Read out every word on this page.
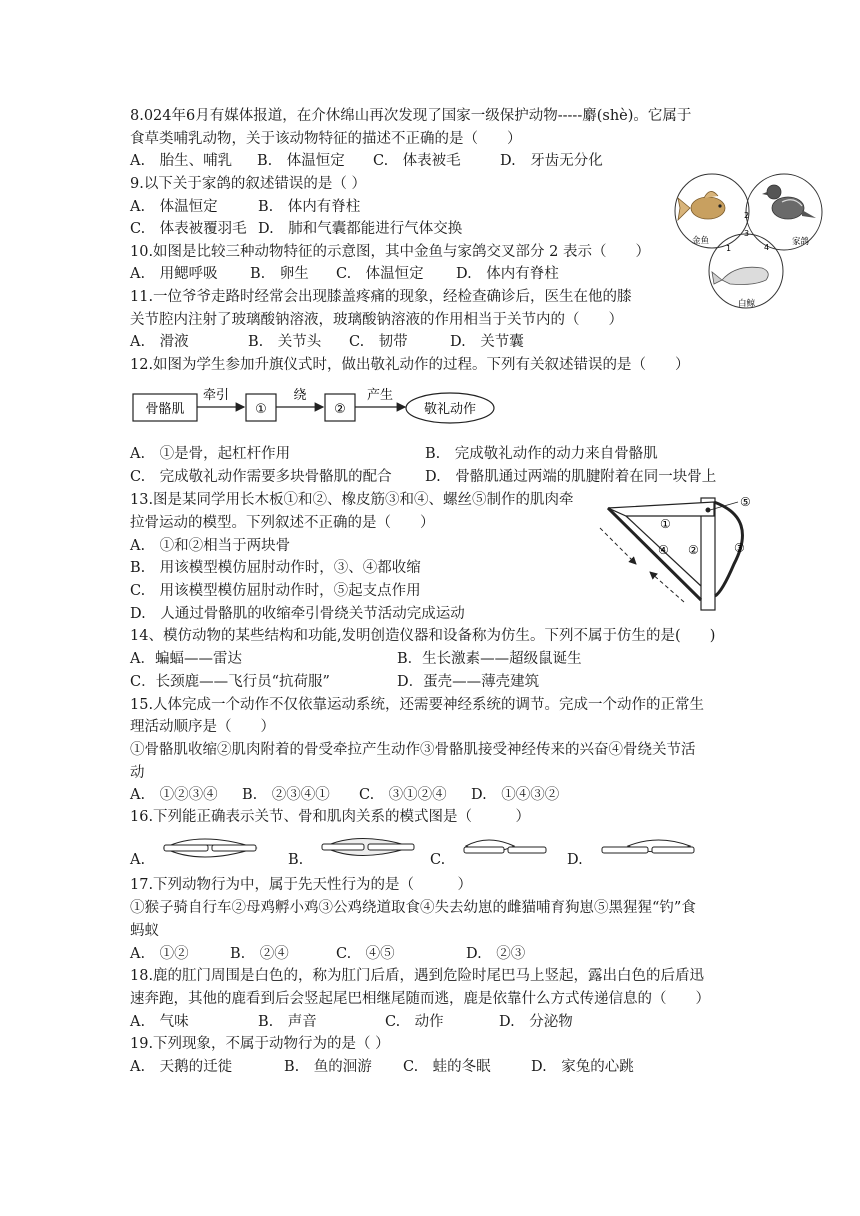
8.024年6月有媒体报道，在介休绵山再次发现了国家一级保护动物-----麝(shè)。它属于
食草类哺乳动物，关于该动物特征的描述不正确的是（　　）
A.　胎生、哺乳 B.　体温恒定 C.　体表被毛	D.　牙齿无分化
9.以下关于家鸽的叙述错误的是（ ）
A.　体温恒定	B.　体内有脊柱
C.　体表被覆羽毛 D.　肺和气囊都能进行气体交换
金鱼	家鸽
白鲸
2
3
1	4
10.如图是比较三种动物特征的示意图，其中金鱼与家鸽交叉部分 2 表示（　　）
A.　用鳃呼吸 B.　卵生 C.　体温恒定 D.　体内有脊柱
11.一位爷爷走路时经常会出现膝盖疼痛的现象，经检查确诊后，医生在他的膝
关节腔内注射了玻璃酸钠溶液，玻璃酸钠溶液的作用相当于关节内的（　　）
A.　滑液	B.　关节头 C.　韧带	D.　关节囊
12.如图为学生参加升旗仪式时，做出敬礼动作的过程。下列有关叙述错误的是（　　）
骨骼肌
牵引
①
绕
②
产生
敬礼动作
A.　①是骨，起杠杆作用	B.　完成敬礼动作的动力来自骨骼肌
C.　完成敬礼动作需要多块骨骼肌的配合 D.　骨骼肌通过两端的肌腱附着在同一块骨上
13.图是某同学用长木板①和②、橡皮筋③和④、螺丝⑤制作的肌肉牵
拉骨运动的模型。下列叙述不正确的是（　　）
A.　①和②相当于两块骨
B.　用该模型模仿屈肘动作时，③、④都收缩
C.　用该模型模仿屈肘动作时，⑤起支点作用
D.　人通过骨骼肌的收缩牵引骨绕关节活动完成运动
①
②	③
④
⑤
14、模仿动物的某些结构和功能,发明创造仪器和设备称为仿生。下列不属于仿生的是(　　)
A．蝙蝠——雷达	B．生长激素——超级鼠诞生
C．长颈鹿——飞行员“抗荷服”	D．蛋壳——薄壳建筑
15.人体完成一个动作不仅依靠运动系统，还需要神经系统的调节。完成一个动作的正常生
理活动顺序是（　　）
①骨骼肌收缩②肌肉附着的骨受牵拉产生动作③骨骼肌接受神经传来的兴奋④骨绕关节活
动
A.　①②③④ B.　②③④① C.　③①②④ D.　①④③②
16.下列能正确表示关节、骨和肌肉关系的模式图是（　　　）
A.	B.	C.	D.
17.下列动物行为中，属于先天性行为的是（　　　）
①猴子骑自行车②母鸡孵小鸡③公鸡绕道取食④失去幼崽的雌猫哺育狗崽⑤黑猩猩“钓”食
蚂蚁
A.　①②	B.　②④	C.　④⑤	D.　②③
18.鹿的肛门周围是白色的，称为肛门后盾，遇到危险时尾巴马上竖起，露出白色的后盾迅
速奔跑，其他的鹿看到后会竖起尾巴相继尾随而逃，鹿是依靠什么方式传递信息的（　　）
A.　气味	B.　声音	C.　动作	D.　分泌物
19.下列现象，不属于动物行为的是（ ）
A.　天鹅的迁徙	B.　鱼的洄游 C.　蛙的冬眠	D.　家兔的心跳
